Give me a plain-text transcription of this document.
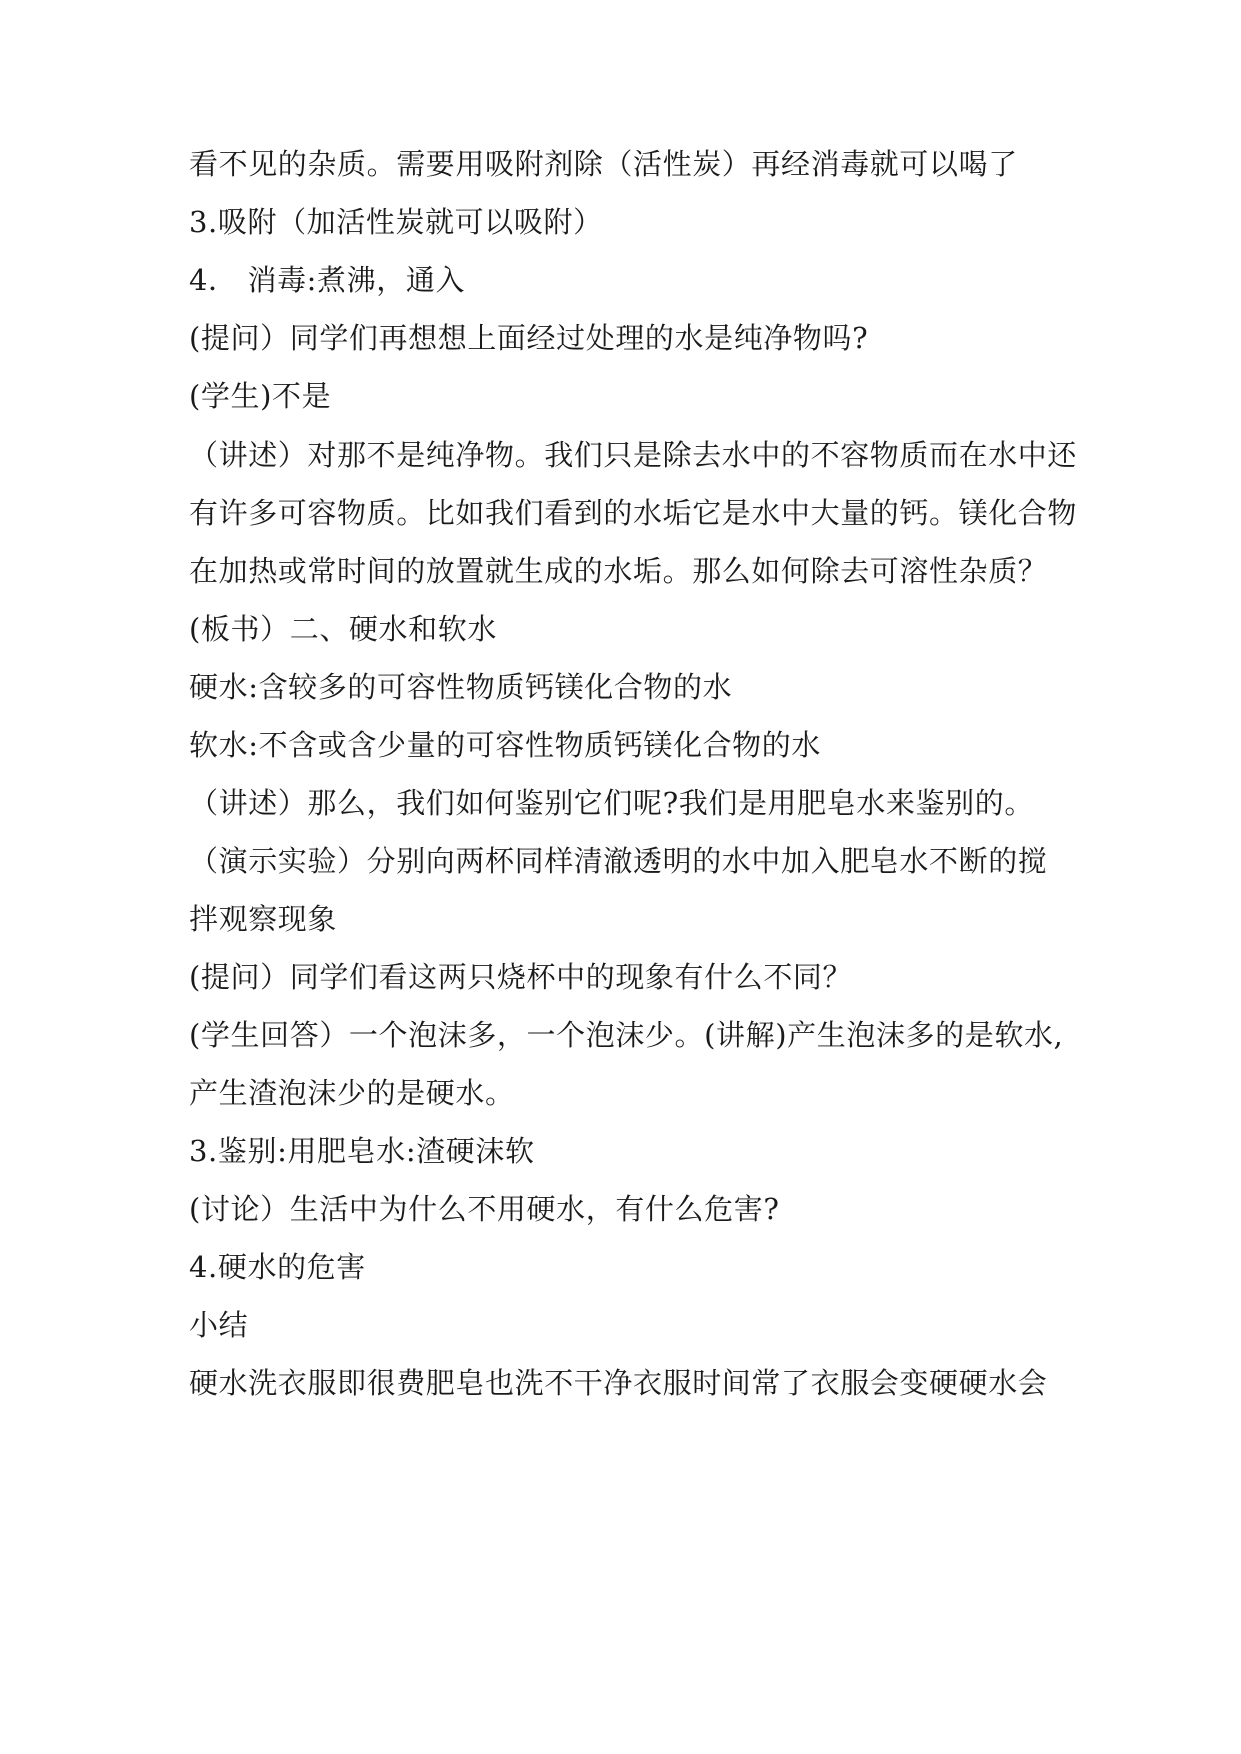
看不见的杂质。需要用吸附剂除（活性炭）再经消毒就可以喝了

3.吸附（加活性炭就可以吸附）

4． 消毒:煮沸，通入

(提问）同学们再想想上面经过处理的水是纯净物吗?

(学生)不是

（讲述）对那不是纯净物。我们只是除去水中的不容物质而在水中还

有许多可容物质。比如我们看到的水垢它是水中大量的钙。镁化合物

在加热或常时间的放置就生成的水垢。那么如何除去可溶性杂质？

(板书）二、硬水和软水

硬水:含较多的可容性物质钙镁化合物的水

软水:不含或含少量的可容性物质钙镁化合物的水

（讲述）那么，我们如何鉴别它们呢?我们是用肥皂水来鉴别的。

（演示实验）分别向两杯同样清澈透明的水中加入肥皂水不断的搅

拌观察现象

(提问）同学们看这两只烧杯中的现象有什么不同？

(学生回答）一个泡沫多，一个泡沫少。(讲解)产生泡沫多的是软水,

产生渣泡沫少的是硬水。

3.鉴别:用肥皂水:渣硬沫软

(讨论）生活中为什么不用硬水，有什么危害?

4.硬水的危害

小结

硬水洗衣服即很费肥皂也洗不干净衣服时间常了衣服会变硬硬水会
